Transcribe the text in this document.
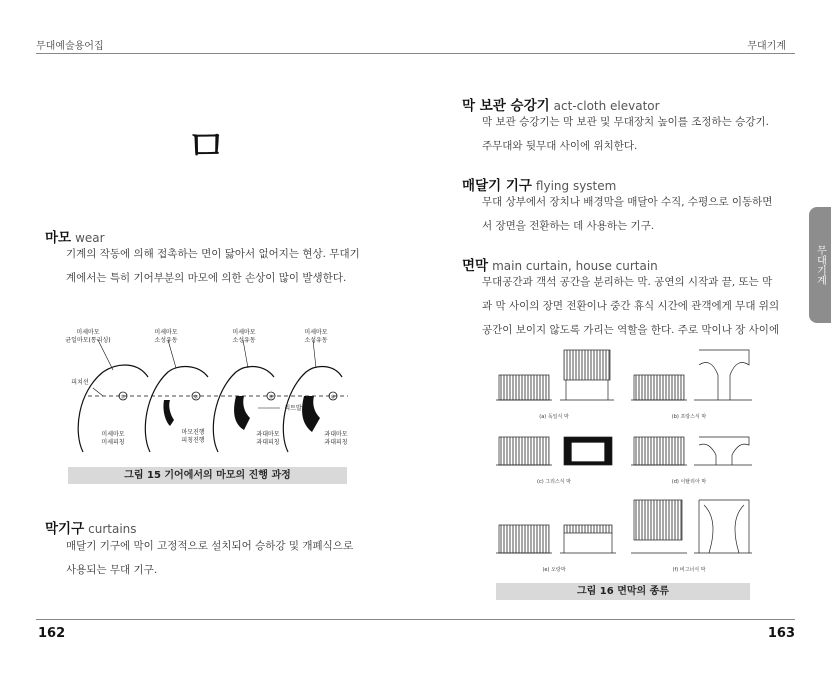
무대예술용어집	무대기계
ㅁ
마모 wear
기계의 작동에 의해 접촉하는 면이 닳아서 없어지는 현상. 무대기
계에서는 특히 기어부분의 마모에 의한 손상이 많이 발생한다.
미세마모
균일마모(통리싱)
미세마모
소성유동
미세마모
소성유동
미세마모
소성유동
피치선
①	②	③	④
리트발생
미세마모
미세피칭
마모진행
피칭진행
과대마모
과대피칭
과대마모
과대피칭
그림 15 기어에서의 마모의 진행 과정
막기구 curtains
매달기 기구에 막이 고정적으로 설치되어 승하강 및 개폐식으로
사용되는 무대 기구.
막 보관 승강기 act-cloth elevator
막 보관 승강기는 막 보관 및 무대장치 높이를 조정하는 승강기.
주무대와 뒷무대 사이에 위치한다.
매달기 기구 flying system
무대 상부에서 장치나 배경막을 매달아 수직, 수평으로 이동하면
서 장면을 전환하는 데 사용하는 기구.
면막 main curtain, house curtain
무대공간과 객석 공간을 분리하는 막. 공연의 시작과 끝, 또는 막
과 막 사이의 장면 전환이나 중간 휴식 시간에 관객에게 무대 위의
공간이 보이지 않도록 가리는 역할을 한다. 주로 막이나 장 사이에
(a) 독일식 막	(b) 프랑스식 막
(c) 그리스식 막	(d) 이탈리아 막
(e) 오랑막	(f) 비그너식 막
그림 16 면막의 종류
무대기계
162	163
